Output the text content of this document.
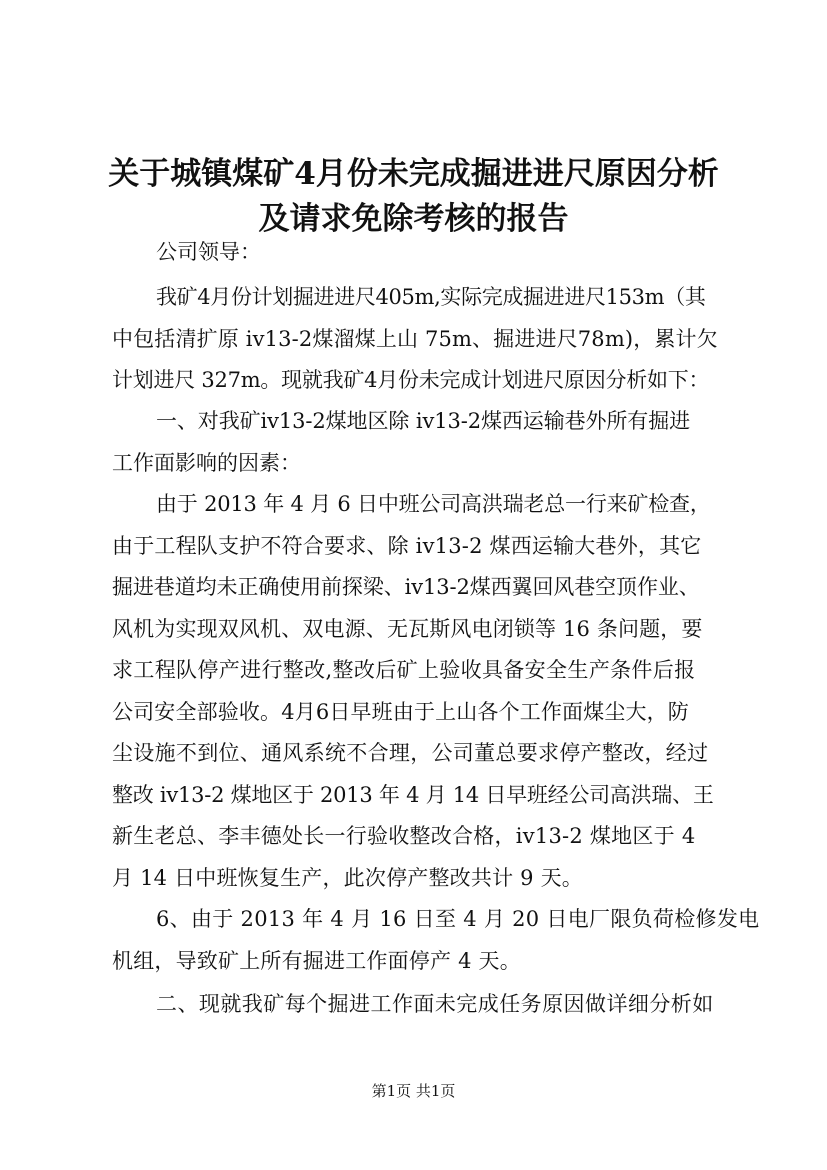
关于城镇煤矿4月份未完成掘进进尺原因分析
及请求免除考核的报告
公司领导：
我矿4月份计划掘进进尺405m,实际完成掘进进尺153m（其
中包括清扩原 iv13-2煤溜煤上山 75m、掘进进尺78m)，累计欠
计划进尺 327m。现就我矿4月份未完成计划进尺原因分析如下：
一、对我矿iv13-2煤地区除 iv13-2煤西运输巷外所有掘进
工作面影响的因素：
由于 2013 年 4 月 6 日中班公司高洪瑞老总一行来矿检查，
由于工程队支护不符合要求、除 iv13-2 煤西运输大巷外，其它
掘进巷道均未正确使用前探梁、iv13-2煤西翼回风巷空顶作业、
风机为实现双风机、双电源、无瓦斯风电闭锁等 16 条问题，要
求工程队停产进行整改,整改后矿上验收具备安全生产条件后报
公司安全部验收。4月6日早班由于上山各个工作面煤尘大，防
尘设施不到位、通风系统不合理，公司董总要求停产整改，经过
整改 iv13-2 煤地区于 2013 年 4 月 14 日早班经公司高洪瑞、王
新生老总、李丰德处长一行验收整改合格，iv13-2 煤地区于 4
月 14 日中班恢复生产，此次停产整改共计 9 天。
6、由于 2013 年 4 月 16 日至 4 月 20 日电厂限负荷检修发电
机组，导致矿上所有掘进工作面停产 4 天。
二、现就我矿每个掘进工作面未完成任务原因做详细分析如
第1页 共1页
